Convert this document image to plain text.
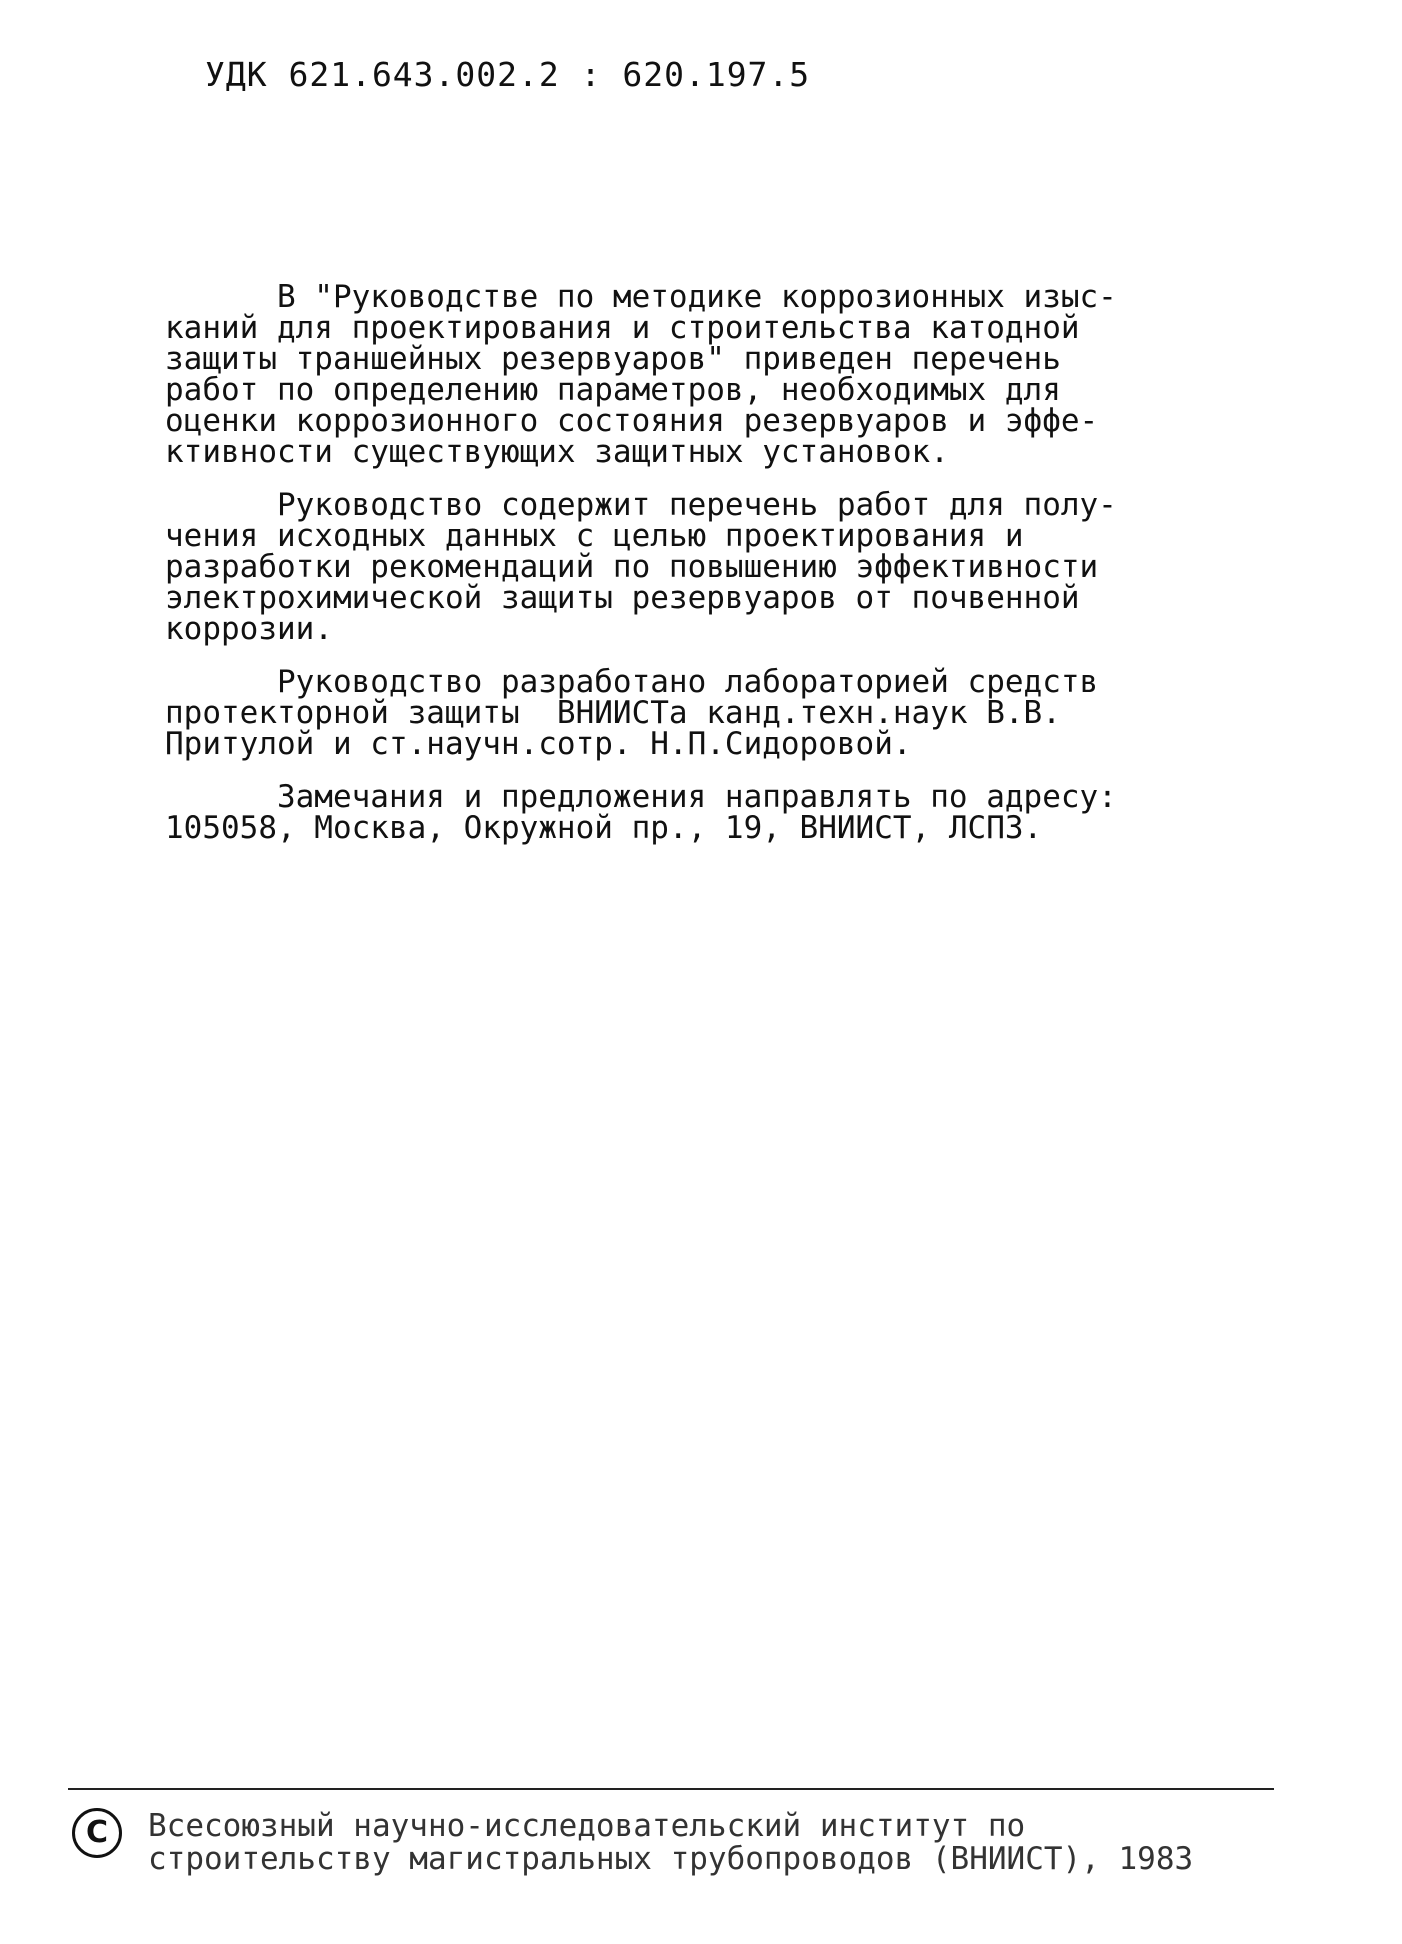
УДК 621.643.002.2 : 620.197.5
В "Руководстве по методике коррозионных изыс-
каний для проектирования и строительства катодной
защиты траншейных резервуаров" приведен перечень
работ по определению параметров, необходимых для
оценки коррозионного состояния резервуаров и эффе-
ктивности существующих защитных установок.
Руководство содержит перечень работ для полу-
чения исходных данных с целью проектирования и
разработки рекомендаций по повышению эффективности
электрохимической защиты резервуаров от почвенной
коррозии.
Руководство разработано лабораторией средств
протекторной защиты  ВНИИСТа канд.техн.наук В.В.
Притулой и ст.научн.сотр. Н.П.Сидоровой.
Замечания и предложения направлять по адресу:
105058, Москва, Окружной пр., 19, ВНИИСТ, ЛСПЗ.
C	Всесоюзный научно-исследовательский институт по
строительству магистральных трубопроводов (ВНИИСТ), 1983
